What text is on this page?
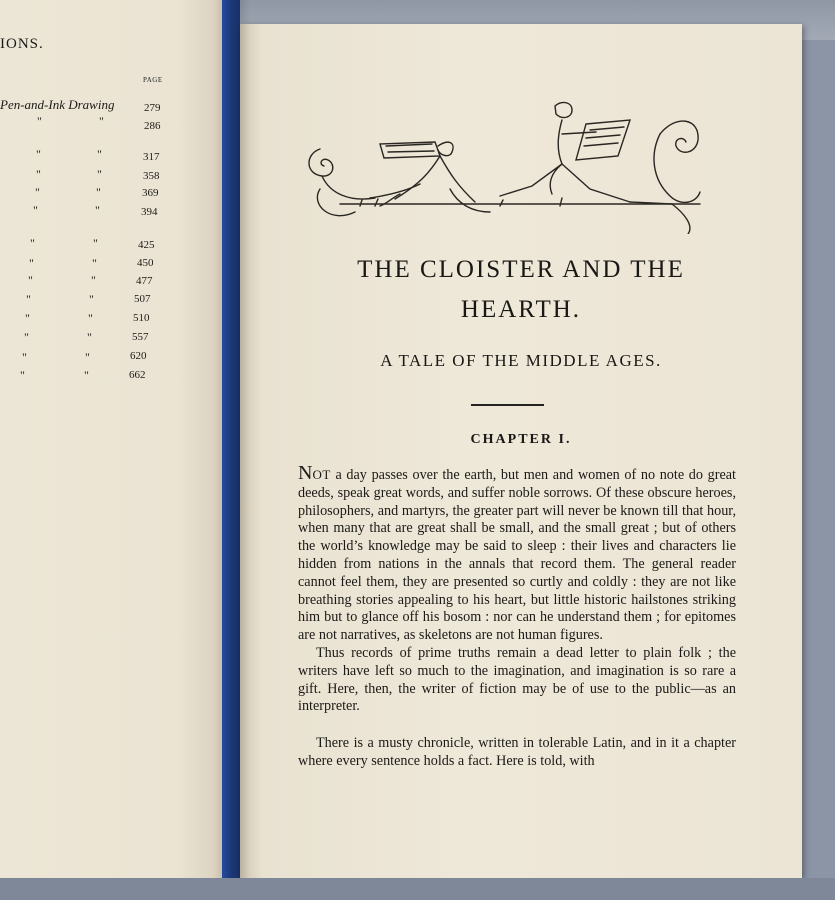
IONS.
PAGE
Pen-and-Ink Drawing	279
"	"	286
"	"	317
"	"	358
"	"	369
"	"	394
"	"	425
"	"	450
"	"	477
"	"	507
"	"	510
"	"	557
"	"	620
"	"	662
THE CLOISTER AND THE
HEARTH.
A TALE OF THE MIDDLE AGES.
CHAPTER I.

NOT a day passes over the earth, but men and women of no note do great deeds, speak great words, and suffer noble sorrows. Of these obscure heroes, philosophers, and martyrs, the greater part will never be known till that hour, when many that are great shall be small, and the small great ; but of others the world’s knowledge may be said to sleep : their lives and characters lie hidden from nations in the annals that record them. The general reader cannot feel them, they are presented so curtly and coldly : they are not like breathing stories appealing to his heart, but little historic hailstones striking him but to glance off his bosom : nor can he understand them ; for epitomes are not narratives, as skeletons are not human figures.

Thus records of prime truths remain a dead letter to plain folk ; the writers have left so much to the imagination, and imagination is so rare a gift. Here, then, the writer of fiction may be of use to the public—as an interpreter.

There is a musty chronicle, written in tolerable Latin, and in it a chapter where every sentence holds a fact. Here is told, with
